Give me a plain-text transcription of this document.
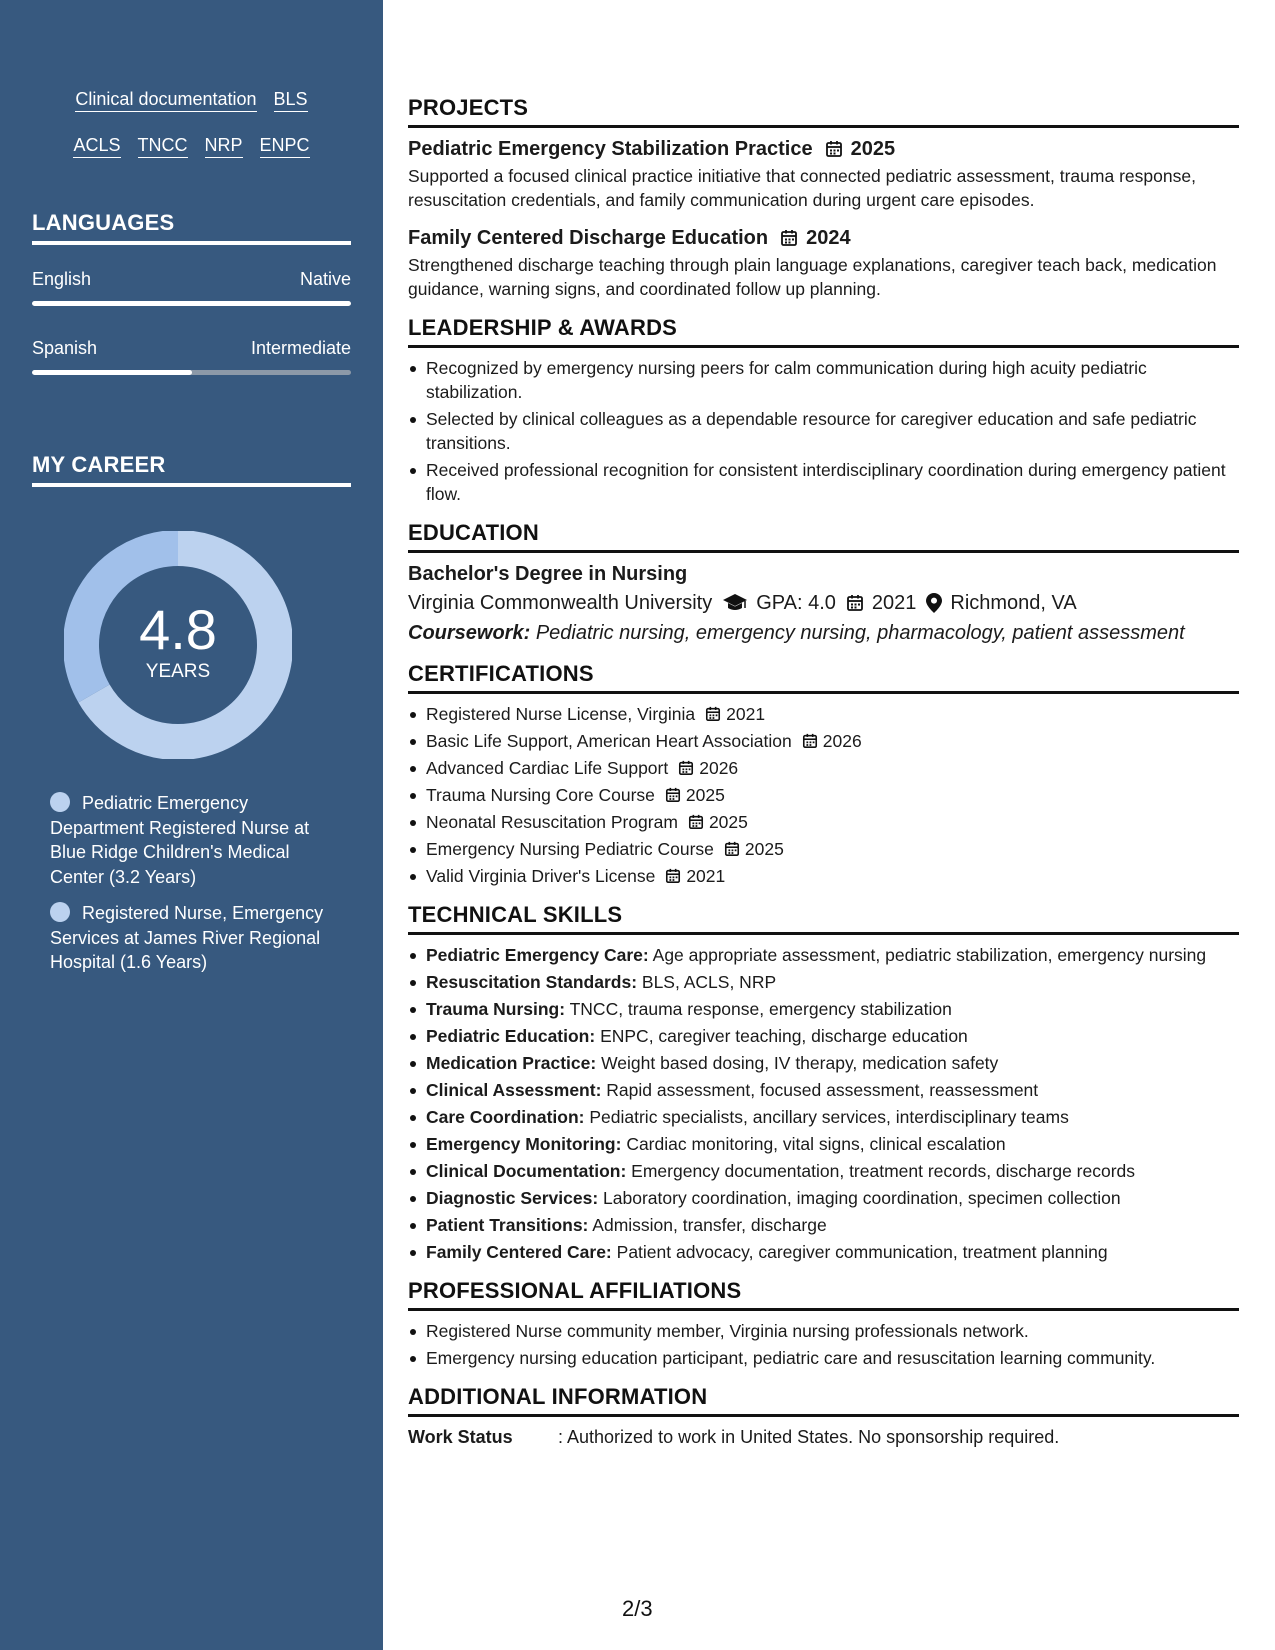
Clinical documentation BLS
ACLS TNCC NRP ENPC
LANGUAGES
English	Native
Spanish	Intermediate
MY CAREER
4.8
YEARS
Pediatric Emergency Department Registered Nurse at Blue Ridge Children's Medical Center (3.2 Years)
Registered Nurse, Emergency Services at James River Regional Hospital (1.6 Years)
PROJECTS
Pediatric Emergency Stabilization Practice 2025

Supported a focused clinical practice initiative that connected pediatric assessment, trauma response, resuscitation credentials, and family communication during urgent care episodes.

Family Centered Discharge Education 2024

Strengthened discharge teaching through plain language explanations, caregiver teach back, medication guidance, warning signs, and coordinated follow up planning.

LEADERSHIP & AWARDS
Recognized by emergency nursing peers for calm communication during high acuity pediatric stabilization.
Selected by clinical colleagues as a dependable resource for caregiver education and safe pediatric transitions.
Received professional recognition for consistent interdisciplinary coordination during emergency patient flow.
EDUCATION
Bachelor's Degree in Nursing
Virginia Commonwealth University GPA: 4.0 2021 Richmond, VA
Coursework: Pediatric nursing, emergency nursing, pharmacology, patient assessment
CERTIFICATIONS
Registered Nurse License, Virginia 2021
Basic Life Support, American Heart Association 2026
Advanced Cardiac Life Support 2026
Trauma Nursing Core Course 2025
Neonatal Resuscitation Program 2025
Emergency Nursing Pediatric Course 2025
Valid Virginia Driver's License 2021
TECHNICAL SKILLS
Pediatric Emergency Care: Age appropriate assessment, pediatric stabilization, emergency nursing
Resuscitation Standards: BLS, ACLS, NRP
Trauma Nursing: TNCC, trauma response, emergency stabilization
Pediatric Education: ENPC, caregiver teaching, discharge education
Medication Practice: Weight based dosing, IV therapy, medication safety
Clinical Assessment: Rapid assessment, focused assessment, reassessment
Care Coordination: Pediatric specialists, ancillary services, interdisciplinary teams
Emergency Monitoring: Cardiac monitoring, vital signs, clinical escalation
Clinical Documentation: Emergency documentation, treatment records, discharge records
Diagnostic Services: Laboratory coordination, imaging coordination, specimen collection
Patient Transitions: Admission, transfer, discharge
Family Centered Care: Patient advocacy, caregiver communication, treatment planning
PROFESSIONAL AFFILIATIONS
Registered Nurse community member, Virginia nursing professionals network.
Emergency nursing education participant, pediatric care and resuscitation learning community.
ADDITIONAL INFORMATION
Work Status	: Authorized to work in United States. No sponsorship required.
2/3
